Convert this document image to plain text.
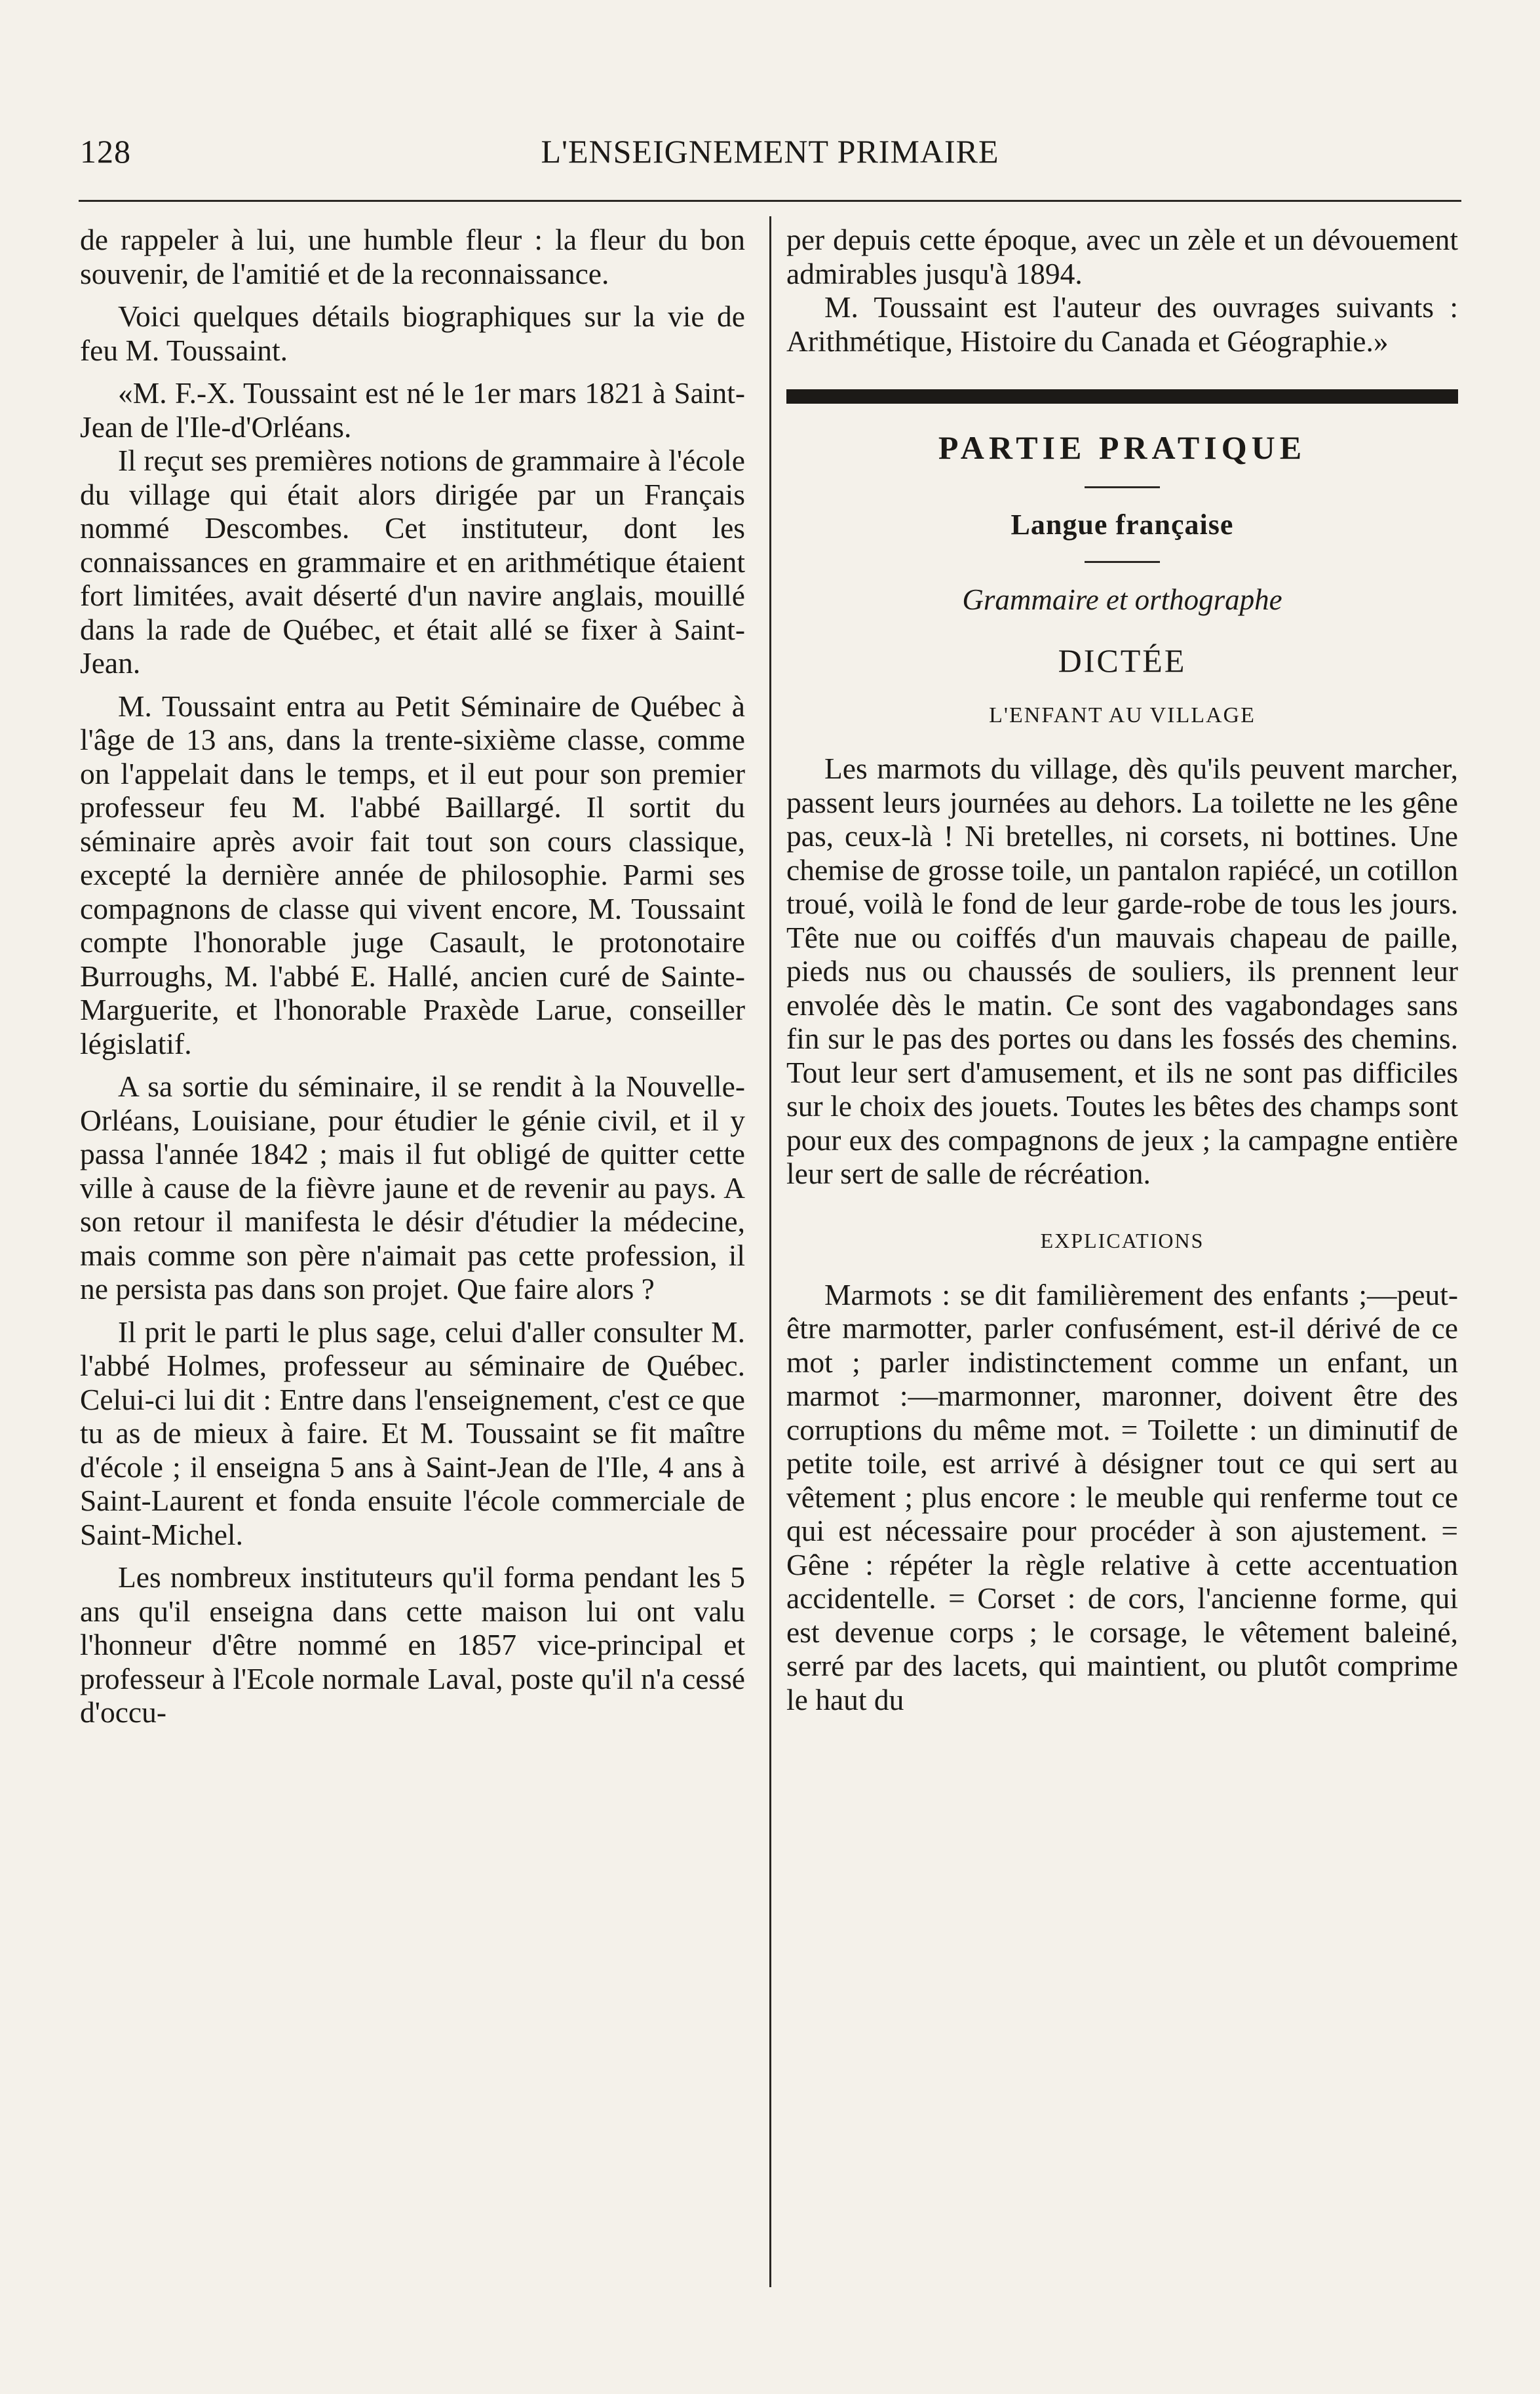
128	L'ENSEIGNEMENT PRIMAIRE

de rappeler à lui, une humble fleur : la fleur du bon souvenir, de l'amitié et de la reconnaissance.

Voici quelques détails biographiques sur la vie de feu M. Toussaint.

«M. F.-X. Toussaint est né le 1er mars 1821 à Saint-Jean de l'Ile-d'Orléans.

Il reçut ses premières notions de grammaire à l'école du village qui était alors dirigée par un Français nommé Descombes. Cet instituteur, dont les connaissances en grammaire et en arithmétique étaient fort limitées, avait déserté d'un navire anglais, mouillé dans la rade de Québec, et était allé se fixer à Saint-Jean.

M. Toussaint entra au Petit Séminaire de Québec à l'âge de 13 ans, dans la trente-sixième classe, comme on l'appelait dans le temps, et il eut pour son premier professeur feu M. l'abbé Baillargé. Il sortit du séminaire après avoir fait tout son cours classique, excepté la dernière année de philosophie. Parmi ses compagnons de classe qui vivent encore, M. Toussaint compte l'honorable juge Casault, le protonotaire Burroughs, M. l'abbé E. Hallé, ancien curé de Sainte-Marguerite, et l'honorable Praxède Larue, conseiller législatif.

A sa sortie du séminaire, il se rendit à la Nouvelle-Orléans, Louisiane, pour étudier le génie civil, et il y passa l'année 1842 ; mais il fut obligé de quitter cette ville à cause de la fièvre jaune et de revenir au pays. A son retour il manifesta le désir d'étudier la médecine, mais comme son père n'aimait pas cette profession, il ne persista pas dans son projet. Que faire alors ?

Il prit le parti le plus sage, celui d'aller consulter M. l'abbé Holmes, professeur au séminaire de Québec. Celui-ci lui dit : Entre dans l'enseignement, c'est ce que tu as de mieux à faire. Et M. Toussaint se fit maître d'école ; il enseigna 5 ans à Saint-Jean de l'Ile, 4 ans à Saint-Laurent et fonda ensuite l'école commerciale de Saint-Michel.

Les nombreux instituteurs qu'il forma pendant les 5 ans qu'il enseigna dans cette maison lui ont valu l'honneur d'être nommé en 1857 vice-principal et professeur à l'Ecole normale Laval, poste qu'il n'a cessé d'occu-

per depuis cette époque, avec un zèle et un dévouement admirables jusqu'à 1894.

M. Toussaint est l'auteur des ouvrages suivants : Arithmétique, Histoire du Canada et Géographie.»

PARTIE PRATIQUE
Langue française
Grammaire et orthographe
DICTÉE
L'ENFANT AU VILLAGE

Les marmots du village, dès qu'ils peuvent marcher, passent leurs journées au dehors. La toilette ne les gêne pas, ceux-là ! Ni bretelles, ni corsets, ni bottines. Une chemise de grosse toile, un pantalon rapiécé, un cotillon troué, voilà le fond de leur garde-robe de tous les jours. Tête nue ou coiffés d'un mauvais chapeau de paille, pieds nus ou chaussés de souliers, ils prennent leur envolée dès le matin. Ce sont des vagabondages sans fin sur le pas des portes ou dans les fossés des chemins. Tout leur sert d'amusement, et ils ne sont pas difficiles sur le choix des jouets. Toutes les bêtes des champs sont pour eux des compagnons de jeux ; la campagne entière leur sert de salle de récréation.

EXPLICATIONS

Marmots : se dit familièrement des enfants ;—peut-être marmotter, parler confusément, est-il dérivé de ce mot ; parler indistinctement comme un enfant, un marmot :—marmonner, maronner, doivent être des corruptions du même mot. = Toilette : un diminutif de petite toile, est arrivé à désigner tout ce qui sert au vêtement ; plus encore : le meuble qui renferme tout ce qui est nécessaire pour procéder à son ajustement. = Gêne : répéter la règle relative à cette accentuation accidentelle. = Corset : de cors, l'ancienne forme, qui est devenue corps ; le corsage, le vêtement baleiné, serré par des lacets, qui maintient, ou plutôt comprime le haut du
